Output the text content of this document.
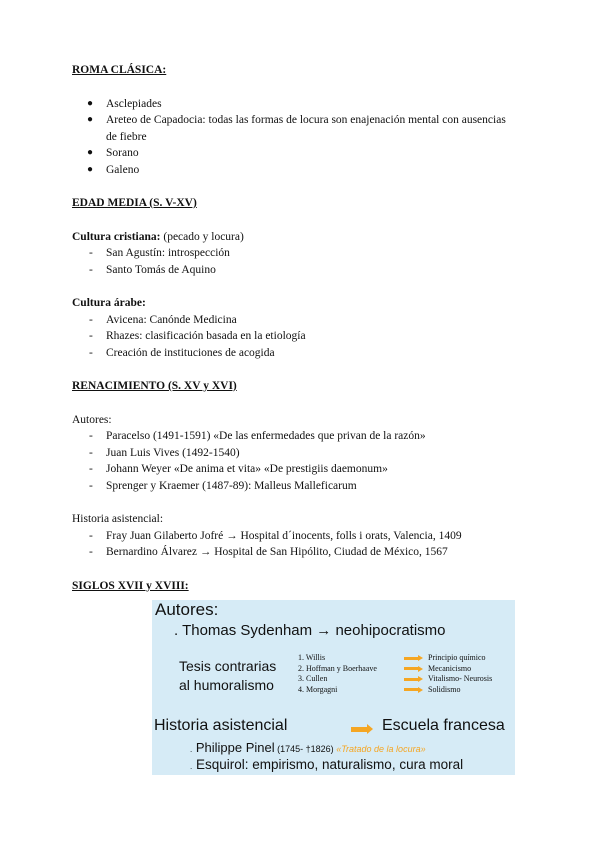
ROMA CLÁSICA:

● Asclepiades
● Areteo de Capadocia: todas las formas de locura son enajenación mental con ausencias
de fiebre
● Sorano
● Galeno

EDAD MEDIA (S. V-XV)

Cultura cristiana: (pecado y locura)

- San Agustín: introspección
- Santo Tomás de Aquino

Cultura árabe:

- Avicena: Canónde Medicina
- Rhazes: clasificación basada en la etiología
- Creación de instituciones de acogida

RENACIMIENTO (S. XV y XVI)

Autores:

- Paracelso (1491-1591) «De las enfermedades que privan de la razón»
- Juan Luis Vives (1492-1540)
- Johann Weyer «De anima et vita» «De prestigiis daemonum»
- Sprenger y Kraemer (1487-89): Malleus Malleficarum

Historia asistencial:

- Fray Juan Gilaberto Jofré → Hospital d´inocents, folls i orats, Valencia, 1409
- Bernardino Álvarez → Hospital de San Hipólito, Ciudad de México, 1567

SIGLOS XVII y XVIII:

Autores:
. Thomas Sydenham → neohipocratismo
Tesis contrarias
al humoralismo
1. Willis
2. Hoffman y Boerhaave
3. Cullen
4. Morgagni
Principio químico
Mecanicismo
Vitalismo- Neurosis
Solidismo
Historia asistencial	Escuela francesa
. Philippe Pinel (1745- †1826) «Tratado de la locura»
. Esquirol: empirismo, naturalismo, cura moral
